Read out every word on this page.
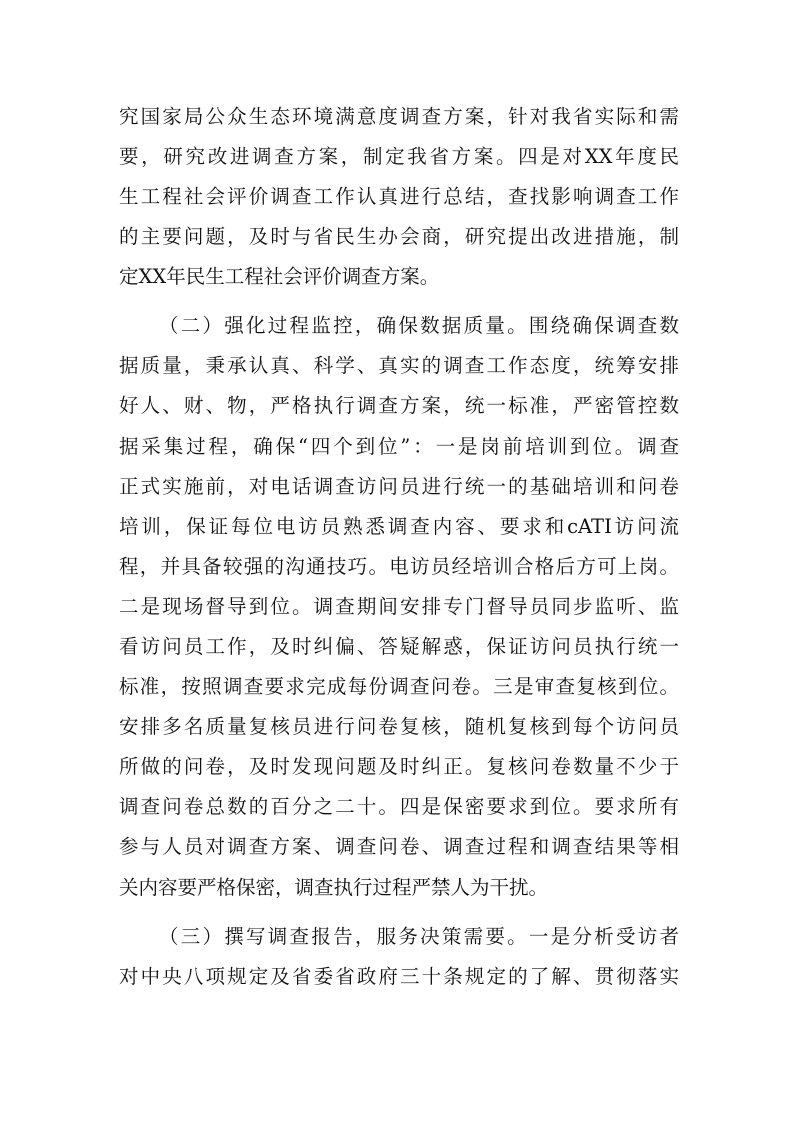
究国家局公众生态环境满意度调查方案，针对我省实际和需
要，研究改进调查方案，制定我省方案。四是对XX年度民
生工程社会评价调查工作认真进行总结，查找影响调查工作
的主要问题，及时与省民生办会商，研究提出改进措施，制
定XX年民生工程社会评价调查方案。
（二）强化过程监控，确保数据质量。围绕确保调查数
据质量，秉承认真、科学、真实的调查工作态度，统筹安排
好人、财、物，严格执行调查方案，统一标准，严密管控数
据采集过程，确保“四个到位”：一是岗前培训到位。调查
正式实施前，对电话调查访问员进行统一的基础培训和问卷
培训，保证每位电访员熟悉调查内容、要求和cATI访问流
程，并具备较强的沟通技巧。电访员经培训合格后方可上岗。
二是现场督导到位。调查期间安排专门督导员同步监听、监
看访问员工作，及时纠偏、答疑解惑，保证访问员执行统一
标准，按照调查要求完成每份调查问卷。三是审查复核到位。
安排多名质量复核员进行问卷复核，随机复核到每个访问员
所做的问卷，及时发现问题及时纠正。复核问卷数量不少于
调查问卷总数的百分之二十。四是保密要求到位。要求所有
参与人员对调查方案、调查问卷、调查过程和调查结果等相
关内容要严格保密，调查执行过程严禁人为干扰。
（三）撰写调查报告，服务决策需要。一是分析受访者
对中央八项规定及省委省政府三十条规定的了解、贯彻落实
